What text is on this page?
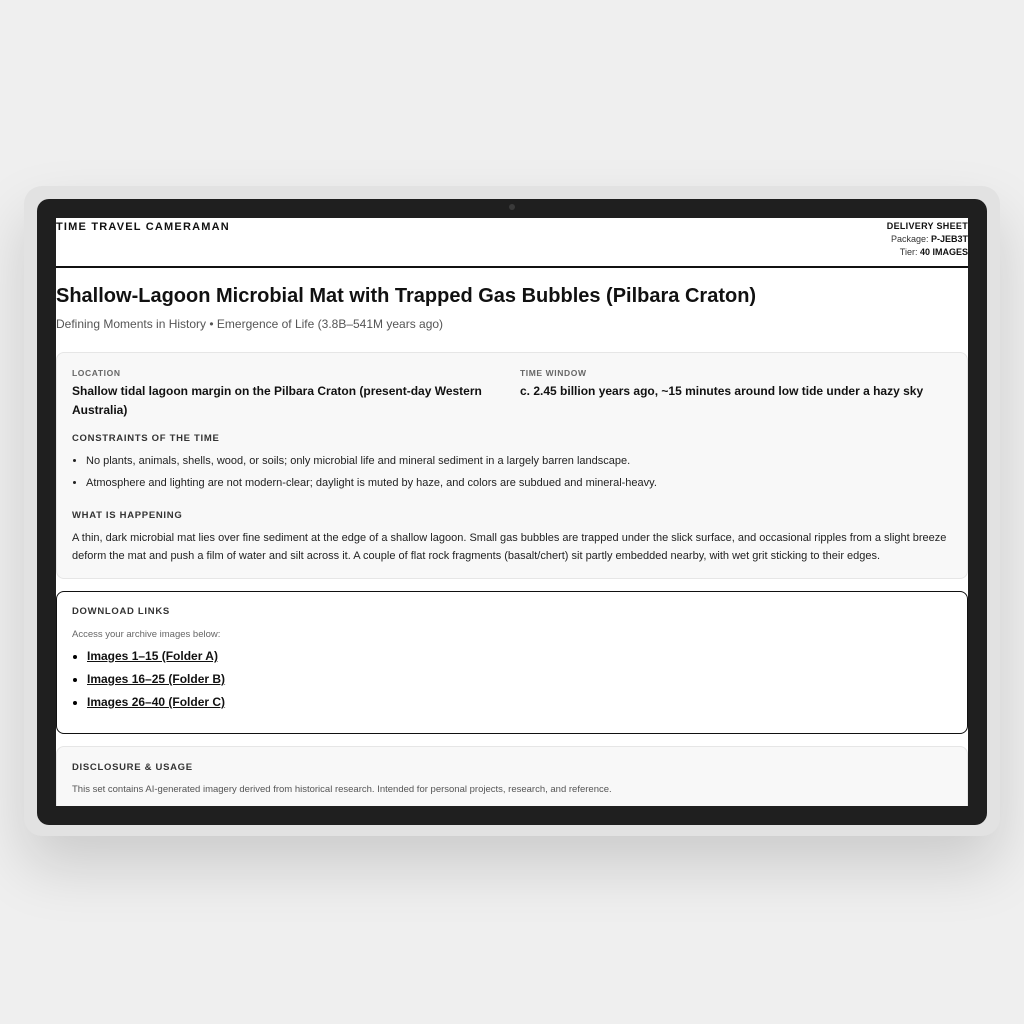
TIME TRAVEL CAMERAMAN	DELIVERY SHEET
Package: P-JEB3T
Tier: 40 IMAGES
Shallow-Lagoon Microbial Mat with Trapped Gas Bubbles (Pilbara Craton)
Defining Moments in History • Emergence of Life (3.8B–541M years ago)
LOCATION
Shallow tidal lagoon margin on the Pilbara Craton (present-day Western Australia)
TIME WINDOW
c. 2.45 billion years ago, ~15 minutes around low tide under a hazy sky
CONSTRAINTS OF THE TIME
• No plants, animals, shells, wood, or soils; only microbial life and mineral sediment in a largely barren landscape.
• Atmosphere and lighting are not modern-clear; daylight is muted by haze, and colors are subdued and mineral-heavy.
WHAT IS HAPPENING
A thin, dark microbial mat lies over fine sediment at the edge of a shallow lagoon. Small gas bubbles are trapped under the slick surface, and occasional ripples from a slight breeze deform the mat and push a film of water and silt across it. A couple of flat rock fragments (basalt/chert) sit partly embedded nearby, with wet grit sticking to their edges.
DOWNLOAD LINKS
Access your archive images below:
• Images 1–15 (Folder A)
• Images 16–25 (Folder B)
• Images 26–40 (Folder C)
DISCLOSURE & USAGE
This set contains AI-generated imagery derived from historical research. Intended for personal projects, research, and reference.
